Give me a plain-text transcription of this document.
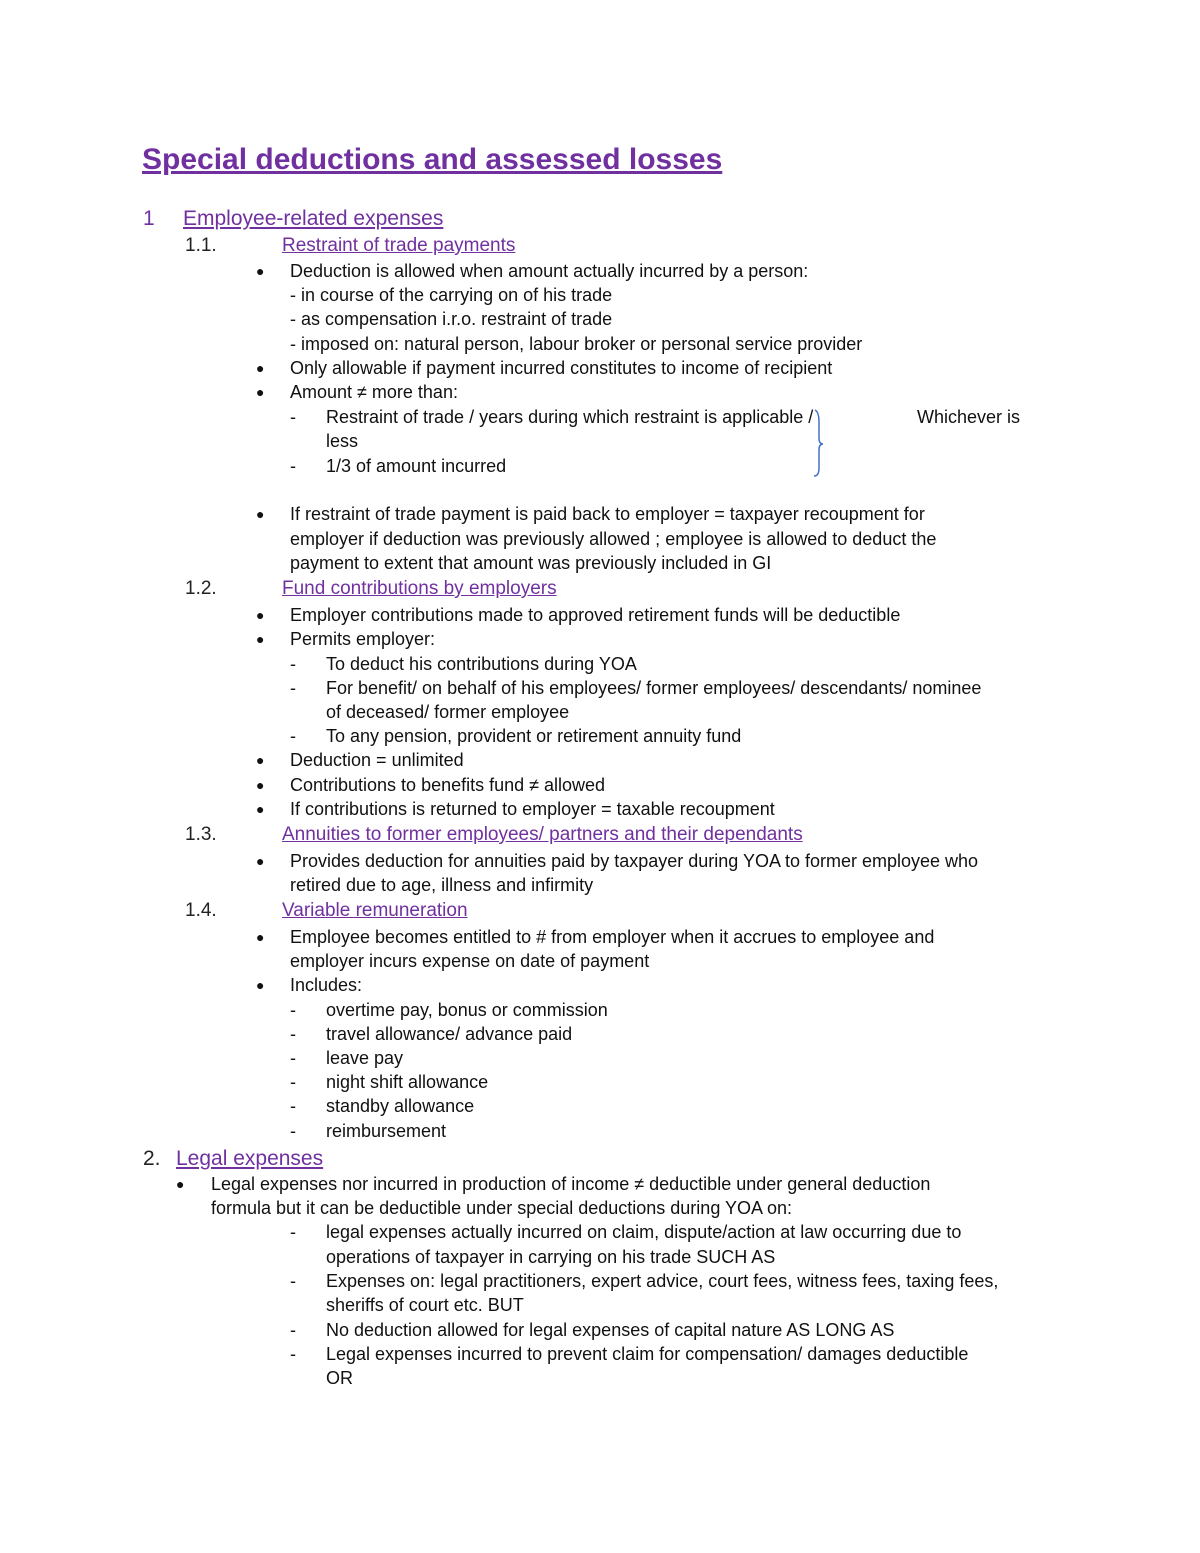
Special deductions and assessed losses
1 Employee-related expenses
1.1.	Restraint of trade payments
● Deduction is allowed when amount actually incurred by a person:
- in course of the carrying on of his trade
- as compensation i.r.o. restraint of trade
- imposed on: natural person, labour broker or personal service provider
● Only allowable if payment incurred constitutes to income of recipient
● Amount ≠ more than:
- Restraint of trade / years during which restraint is applicable /
less
Whichever is
- 1/3 of amount incurred
● If restraint of trade payment is paid back to employer = taxpayer recoupment for
employer if deduction was previously allowed ; employee is allowed to deduct the
payment to extent that amount was previously included in GI
1.2.	Fund contributions by employers
● Employer contributions made to approved retirement funds will be deductible
● Permits employer:
- To deduct his contributions during YOA
- For benefit/ on behalf of his employees/ former employees/ descendants/ nominee
of deceased/ former employee
- To any pension, provident or retirement annuity fund
● Deduction = unlimited
● Contributions to benefits fund ≠ allowed
● If contributions is returned to employer = taxable recoupment
1.3.	Annuities to former employees/ partners and their dependants
● Provides deduction for annuities paid by taxpayer during YOA to former employee who
retired due to age, illness and infirmity
1.4.	Variable remuneration
● Employee becomes entitled to # from employer when it accrues to employee and
employer incurs expense on date of payment
● Includes:
- overtime pay, bonus or commission
- travel allowance/ advance paid
- leave pay
- night shift allowance
- standby allowance
- reimbursement
2. Legal expenses
● Legal expenses nor incurred in production of income ≠ deductible under general deduction
formula but it can be deductible under special deductions during YOA on:
- legal expenses actually incurred on claim, dispute/action at law occurring due to
operations of taxpayer in carrying on his trade SUCH AS
- Expenses on: legal practitioners, expert advice, court fees, witness fees, taxing fees,
sheriffs of court etc. BUT
- No deduction allowed for legal expenses of capital nature AS LONG AS
- Legal expenses incurred to prevent claim for compensation/ damages deductible
OR
